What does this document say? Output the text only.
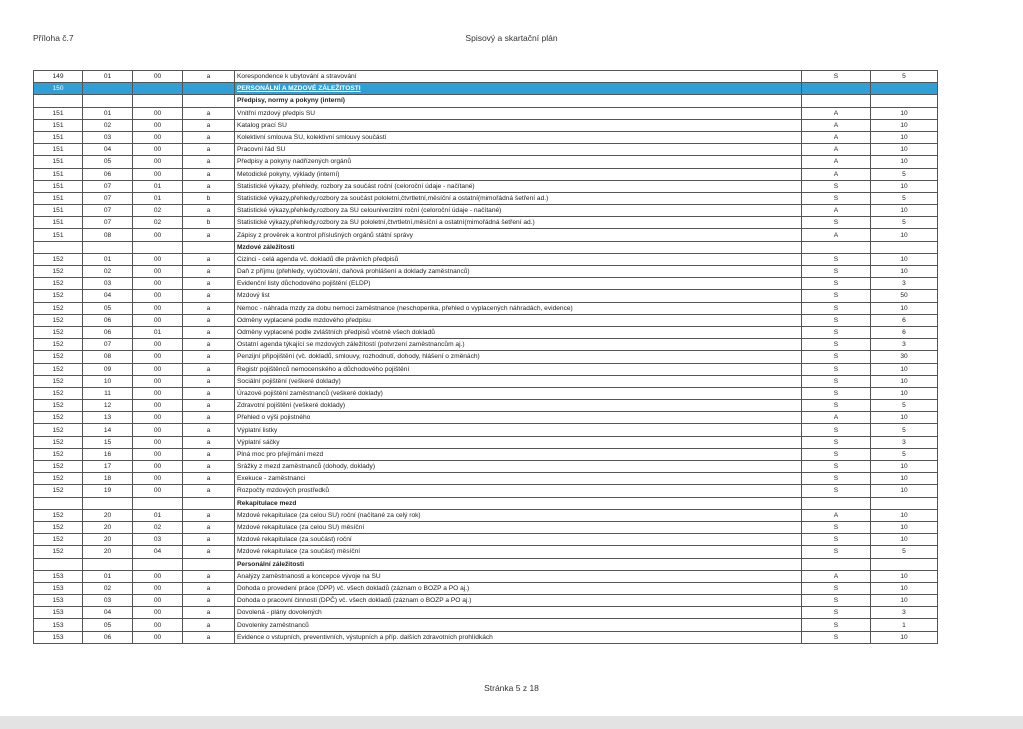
Příloha č.7	Spisový a skartační plán
149	01	00	a	Korespondence k ubytování a stravování	S	5
150				PERSONÁLNÍ A MZDOVÉ ZÁLEŽITOSTI		
				Předpisy, normy a pokyny (interní)		
151	01	00	a	Vnitřní mzdový předpis SU	A	10
151	02	00	a	Katalog prací SU	A	10
151	03	00	a	Kolektivní smlouva SU, kolektivní smlouvy součástí	A	10
151	04	00	a	Pracovní řád SU	A	10
151	05	00	a	Předpisy a pokyny nadřízených orgánů	A	10
151	06	00	a	Metodické pokyny, výklady (interní)	A	5
151	07	01	a	Statistické výkazy, přehledy, rozbory za součást roční (celoroční údaje - načítané)	S	10
151	07	01	b	Statistické výkazy,přehledy,rozbory za součást pololetní,čtvrtletní,měsíční a ostatní(mimořádná šetření ad.)	S	5
151	07	02	a	Statistické výkazy,přehledy,rozbory za SU celouniverzitní roční (celoroční údaje - načítané)	A	10
151	07	02	b	Statistické výkazy,přehledy,rozbory za SU pololetní,čtvrtletní,měsíční a ostatní(mimořádná šetření ad.)	S	5
151	08	00	a	Zápisy z prověrek a kontrol příslušných orgánů státní správy	A	10
				Mzdové záležitosti		
152	01	00	a	Cizinci - celá agenda vč. dokladů dle právních předpisů	S	10
152	02	00	a	Daň z příjmu (přehledy, vyúčtování, daňová prohlášení a doklady zaměstnanců)	S	10
152	03	00	a	Evidenční listy důchodového pojištění (ELDP)	S	3
152	04	00	a	Mzdový list	S	50
152	05	00	a	Nemoc - náhrada mzdy za dobu nemoci zaměstnance (neschopenka, přehled o vyplacených náhradách, evidence)	S	10
152	06	00	a	Odměny vyplacené podle mzdového předpisu	S	6
152	06	01	a	Odměny vyplacené podle zvláštních předpisů včetně všech dokladů	S	6
152	07	00	a	Ostatní agenda týkající se mzdových záležitostí (potvrzení zaměstnancům aj.)	S	3
152	08	00	a	Penzijní připojištění (vč. dokladů, smlouvy, rozhodnutí, dohody, hlášení o změnách)	S	30
152	09	00	a	Registr pojištěnců nemocenského a důchodového pojištění	S	10
152	10	00	a	Sociální pojištění (veškeré doklady)	S	10
152	11	00	a	Úrazové pojištění zaměstnanců (veškeré doklady)	S	10
152	12	00	a	Zdravotní pojištění (veškeré doklady)	S	5
152	13	00	a	Přehled o výši pojistného	A	10
152	14	00	a	Výplatní listky	S	5
152	15	00	a	Výplatní sáčky	S	3
152	16	00	a	Plná moc pro přejímání mezd	S	5
152	17	00	a	Srážky z mezd zaměstnanců (dohody, doklady)	S	10
152	18	00	a	Exekuce - zaměstnanci	S	10
152	19	00	a	Rozpočty mzdových prostředků	S	10
				Rekapitulace mezd		
152	20	01	a	Mzdové rekapitulace (za celou SU) roční (načítané za celý rok)	A	10
152	20	02	a	Mzdové rekapitulace (za celou SU) měsíční	S	10
152	20	03	a	Mzdové rekapitulace (za součást) roční	S	10
152	20	04	a	Mzdové rekapitulace (za součást) měsíční	S	5
				Personální záležitosti		
153	01	00	a	Analýzy zaměstnanosti a koncepce vývoje na SU	A	10
153	02	00	a	Dohoda o provedení práce (DPP) vč. všech dokladů (záznam o BOZP a PO aj.)	S	10
153	03	00	a	Dohoda o pracovní činnosti (DPČ) vč. všech dokladů (záznam o BOZP a PO aj.)	S	10
153	04	00	a	Dovolená - plány dovolených	S	3
153	05	00	a	Dovolenky zaměstnanců	S	1
153	06	00	a	Evidence o vstupních, preventivních, výstupních a příp. dalších zdravotních prohlídkách	S	10
Stránka 5 z 18
